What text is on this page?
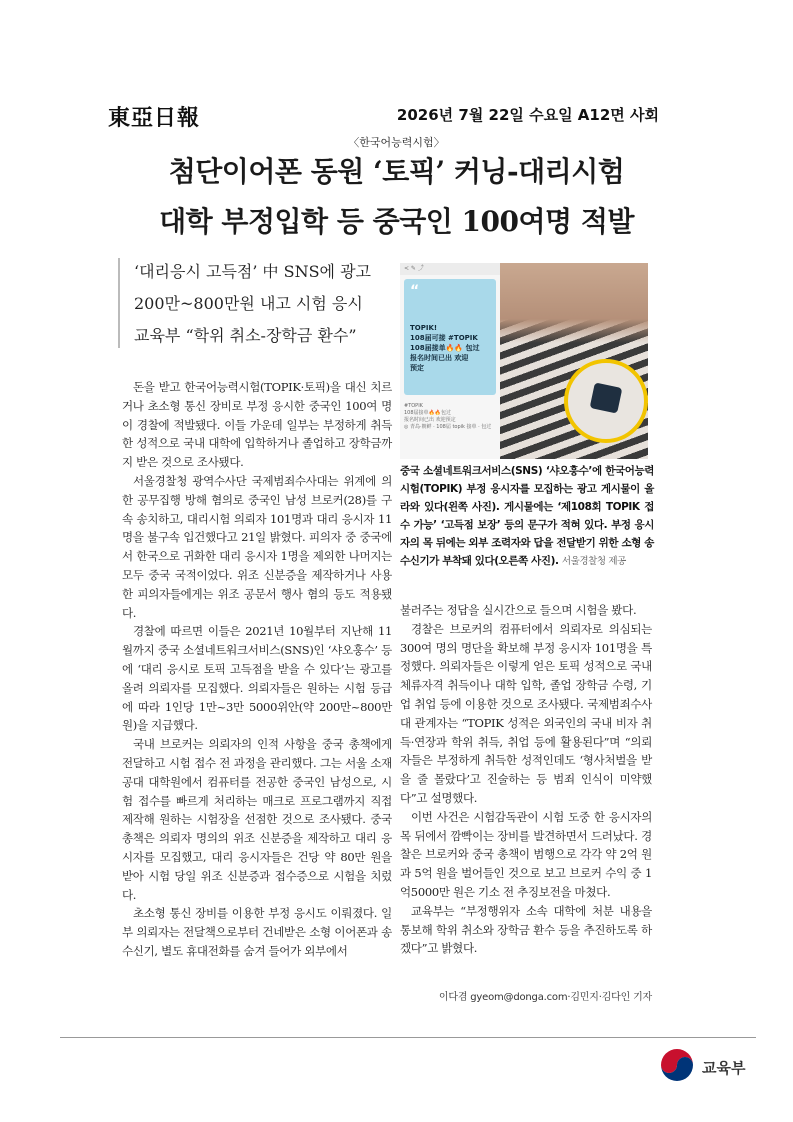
東亞日報	2026년 7월 22일 수요일 A12면 사회
〈한국어능력시험〉
첨단이어폰 동원 ‘토픽’ 커닝-대리시험
대학 부정입학 등 중국인 100여명 적발
‘대리응시 고득점’ 中 SNS에 광고
200만~800만원 내고 시험 응시
교육부 “학위 취소-장학금 환수”

돈을 받고 한국어능력시험(TOPIK·토픽)을 대신 치르거나 초소형 통신 장비로 부정 응시한 중국인 100여 명이 경찰에 적발됐다. 이들 가운데 일부는 부정하게 취득한 성적으로 국내 대학에 입학하거나 졸업하고 장학금까지 받은 것으로 조사됐다.

서울경찰청 광역수사단 국제범죄수사대는 위계에 의한 공무집행 방해 혐의로 중국인 남성 브로커(28)를 구속 송치하고, 대리시험 의뢰자 101명과 대리 응시자 11명을 불구속 입건했다고 21일 밝혔다. 피의자 중 중국에서 한국으로 귀화한 대리 응시자 1명을 제외한 나머지는 모두 중국 국적이었다. 위조 신분증을 제작하거나 사용한 피의자들에게는 위조 공문서 행사 혐의 등도 적용됐다.

경찰에 따르면 이들은 2021년 10월부터 지난해 11월까지 중국 소셜네트워크서비스(SNS)인 ‘샤오훙수’ 등에 ‘대리 응시로 토픽 고득점을 받을 수 있다’는 광고를 올려 의뢰자를 모집했다. 의뢰자들은 원하는 시험 등급에 따라 1인당 1만~3만 5000위안(약 200만~800만 원)을 지급했다.

국내 브로커는 의뢰자의 인적 사항을 중국 총책에게 전달하고 시험 접수 전 과정을 관리했다. 그는 서울 소재 공대 대학원에서 컴퓨터를 전공한 중국인 남성으로, 시험 접수를 빠르게 처리하는 매크로 프로그램까지 직접 제작해 원하는 시험장을 선점한 것으로 조사됐다. 중국 총책은 의뢰자 명의의 위조 신분증을 제작하고 대리 응시자를 모집했고, 대리 응시자들은 건당 약 80만 원을 받아 시험 당일 위조 신분증과 접수증으로 시험을 치렀다.

초소형 통신 장비를 이용한 부정 응시도 이뤄졌다. 일부 의뢰자는 전달책으로부터 건네받은 소형 이어폰과 송수신기, 별도 휴대전화를 숨겨 들어가 외부에서

< ✎ ⤴
“
TOPIK!
108届可接 #TOPIK
108届接单🔥🔥 包过
报名时间已出 欢迎
预定
#TOPIK
108届接单🔥🔥包过
报名时间已出 欢迎预定
◎ 青岛·朝鲜 · 108届 topik 接单 · 包过
중국 소셜네트워크서비스(SNS) ‘샤오훙수’에 한국어능력시험(TOPIK) 부정 응시자를 모집하는 광고 게시물이 올라와 있다(왼쪽 사진). 게시물에는 ‘제108회 TOPIK 접수 가능’ ‘고득점 보장’ 등의 문구가 적혀 있다. 부정 응시자의 목 뒤에는 외부 조력자와 답을 전달받기 위한 소형 송수신기가 부착돼 있다(오른쪽 사진). 서울경찰청 제공

불러주는 정답을 실시간으로 들으며 시험을 봤다.

경찰은 브로커의 컴퓨터에서 의뢰자로 의심되는 300여 명의 명단을 확보해 부정 응시자 101명을 특정했다. 의뢰자들은 이렇게 얻은 토픽 성적으로 국내 체류자격 취득이나 대학 입학, 졸업 장학금 수령, 기업 취업 등에 이용한 것으로 조사됐다. 국제범죄수사대 관계자는 “TOPIK 성적은 외국인의 국내 비자 취득·연장과 학위 취득, 취업 등에 활용된다”며 “의뢰자들은 부정하게 취득한 성적인데도 ‘형사처벌을 받을 줄 몰랐다’고 진술하는 등 범죄 인식이 미약했다”고 설명했다.

이번 사건은 시험감독관이 시험 도중 한 응시자의 목 뒤에서 깜빡이는 장비를 발견하면서 드러났다. 경찰은 브로커와 중국 총책이 범행으로 각각 약 2억 원과 5억 원을 벌어들인 것으로 보고 브로커 수익 중 1억5000만 원은 기소 전 추징보전을 마쳤다.

교육부는 “부정행위자 소속 대학에 처분 내용을 통보해 학위 취소와 장학금 환수 등을 추진하도록 하겠다”고 밝혔다.

이다겸 gyeom@donga.com·김민지·김다인 기자
교육부
